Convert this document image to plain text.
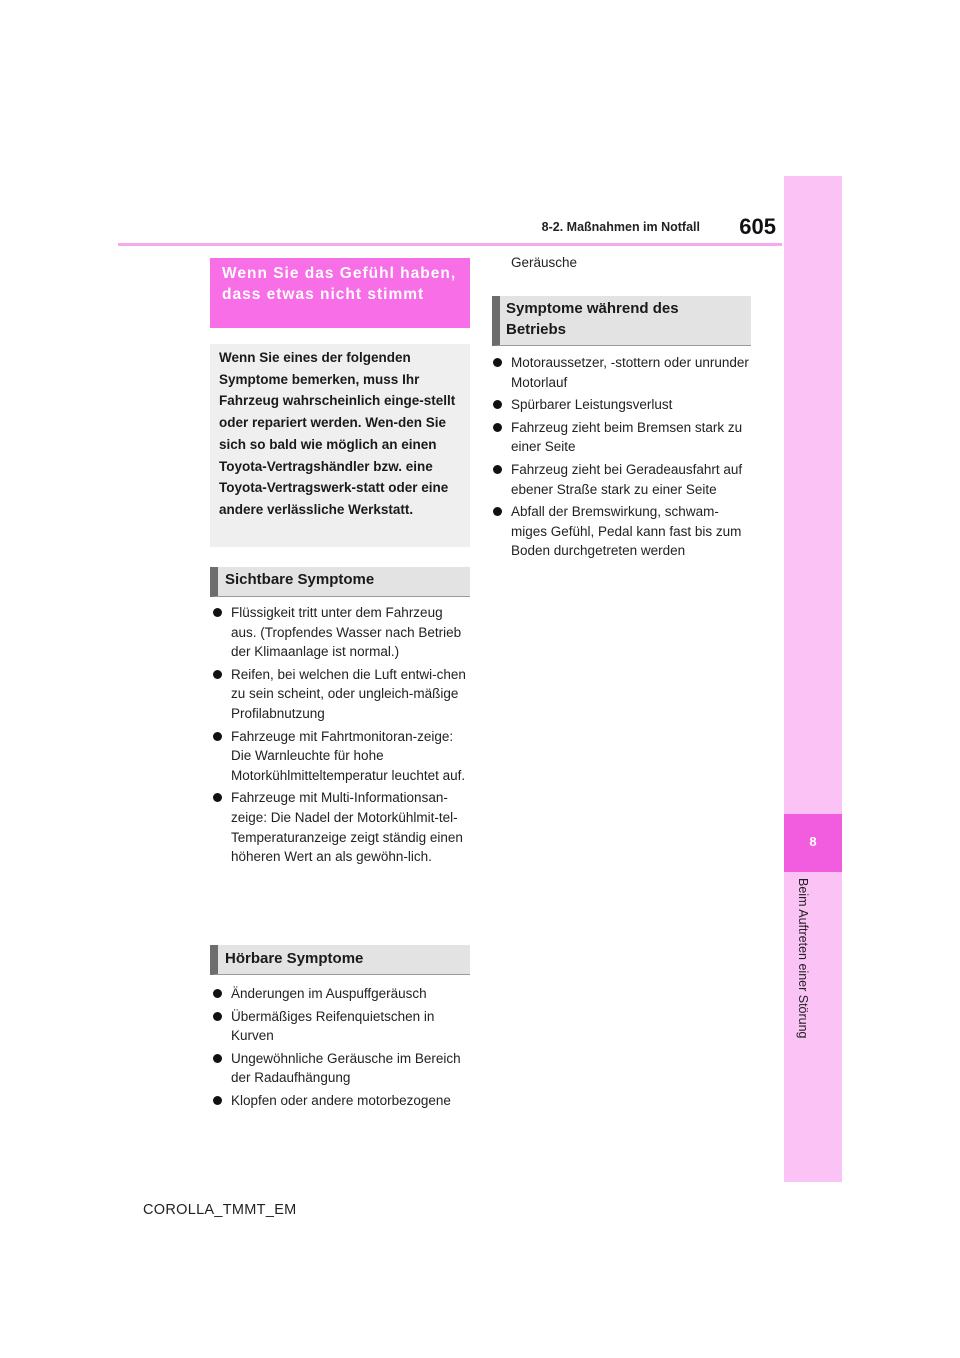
8-2. Maßnahmen im Notfall	605
8
Beim Auftreten einer Störung
Wenn Sie das Gefühl haben, dass etwas nicht stimmt
Wenn Sie eines der folgenden Symptome bemerken, muss Ihr Fahrzeug wahrscheinlich einge-stellt oder repariert werden. Wen-den Sie sich so bald wie möglich an einen Toyota-Vertragshändler bzw. eine Toyota-Vertragswerk-statt oder eine andere verlässliche Werkstatt.
Sichtbare Symptome
Flüssigkeit tritt unter dem Fahrzeug aus. (Tropfendes Wasser nach Betrieb der Klimaanlage ist normal.)
Reifen, bei welchen die Luft entwi-chen zu sein scheint, oder ungleich-mäßige Profilabnutzung
Fahrzeuge mit Fahrtmonitoran-zeige: Die Warnleuchte für hohe Motorkühlmitteltemperatur leuchtet auf.
Fahrzeuge mit Multi-Informationsan-zeige: Die Nadel der Motorkühlmit-tel-Temperaturanzeige zeigt ständig einen höheren Wert an als gewöhn-lich.
Hörbare Symptome
Änderungen im Auspuffgeräusch
Übermäßiges Reifenquietschen in Kurven
Ungewöhnliche Geräusche im Bereich der Radaufhängung
Klopfen oder andere motorbezogene
Geräusche
Symptome während des Betriebs
Motoraussetzer, -stottern oder unrunder Motorlauf
Spürbarer Leistungsverlust
Fahrzeug zieht beim Bremsen stark zu einer Seite
Fahrzeug zieht bei Geradeausfahrt auf ebener Straße stark zu einer Seite
Abfall der Bremswirkung, schwam-miges Gefühl, Pedal kann fast bis zum Boden durchgetreten werden
COROLLA_TMMT_EM
